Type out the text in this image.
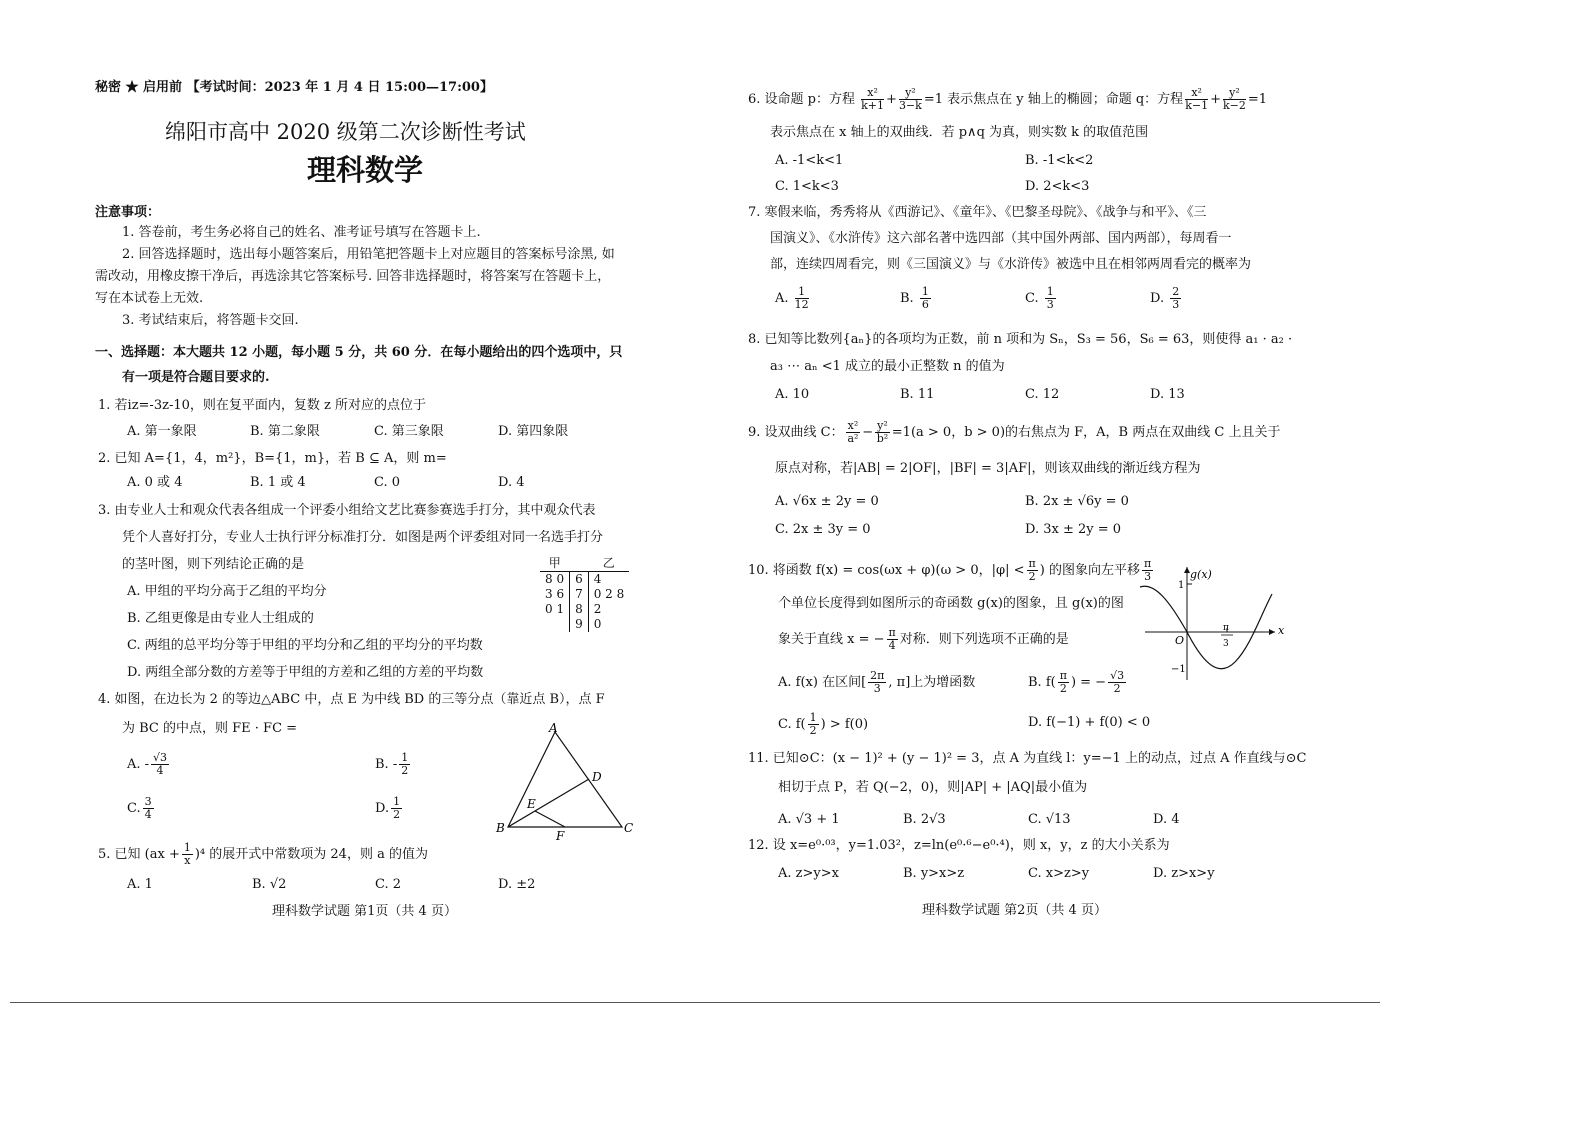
秘密 ★ 启用前 【考试时间：2023 年 1 月 4 日 15:00—17:00】
绵阳市高中 2020 级第二次诊断性考试
理科数学
注意事项：
1. 答卷前，考生务必将自己的姓名、准考证号填写在答题卡上.
2. 回答选择题时，选出每小题答案后，用铅笔把答题卡上对应题目的答案标号涂黑, 如
需改动，用橡皮擦干净后，再选涂其它答案标号. 回答非选择题时，将答案写在答题卡上，
写在本试卷上无效.
3. 考试结束后，将答题卡交回.
一、选择题：本大题共 12 小题，每小题 5 分，共 60 分．在每小题给出的四个选项中，只
有一项是符合题目要求的.
1. 若iz=-3z-10，则在复平面内，复数 z 所对应的点位于
A. 第一象限	B. 第二象限	C. 第三象限	D. 第四象限
2. 已知 A={1，4，m²}，B={1，m}，若 B ⊆ A，则 m=
A. 0 或 4	B. 1 或 4	C. 0	D. 4
3. 由专业人士和观众代表各组成一个评委小组给文艺比赛参赛选手打分，其中观众代表
凭个人喜好打分，专业人士执行评分标准打分．如图是两个评委组对同一名选手打分
的茎叶图，则下列结论正确的是
A. 甲组的平均分高于乙组的平均分
B. 乙组更像是由专业人士组成的
C. 两组的总平均分等于甲组的平均分和乙组的平均分的平均数
D. 两组全部分数的方差等于甲组的方差和乙组的方差的平均数
甲		乙
8 0	6	4
3 6	7	0 2 8
0 1	8	2
	9	0
4. 如图，在边长为 2 的等边△ABC 中，点 E 为中线 BD 的三等分点（靠近点 B），点 F
为 BC 的中点，则 FE · FC =
A. - $\frac{√3}{4}$	B. - $\frac{1}{2}$
C. $\frac{3}{4}$	D. $\frac{1}{2}$
A
B	C
D
E
F
5. 已知 $(ax + \frac{1}{x} )^4$ 的展开式中常数项为 24，则 a 的值为
A. 1	B. √2	C. 2	D. ±2
理科数学试题 第1页（共 4 页）
6. 设命题 p：方程 $\frac{\text{x²}}{k+1} + \frac{\text{y²}}{3-k} =1$ 表示焦点在 y 轴上的椭圆；命题 q：方程 $\frac{\text{x²}}{k-1} + \frac{\text{y²}}{k-2} =1$
表示焦点在 x 轴上的双曲线．若 p∧q 为真，则实数 k 的取值范围
A. -1<k<1	B. -1<k<2
C. 1<k<3	D. 2<k<3
7. 寒假来临，秀秀将从《西游记》、《童年》、《巴黎圣母院》、《战争与和平》、《三
国演义》、《水浒传》这六部名著中选四部（其中国外两部、国内两部），每周看一
部，连续四周看完，则《三国演义》与《水浒传》被选中且在相邻两周看完的概率为
A. $\frac{1}{12}$	B. $\frac{1}{6}$	C. $\frac{1}{3}$	D. $\frac{2}{3}$
8. 已知等比数列{aₙ}的各项均为正数，前 n 项和为 Sₙ，S₃ = 56，S₆ = 63，则使得 a₁ · a₂ ·
a₃ ⋯ aₙ <1 成立的最小正整数 n 的值为
A. 10	B. 11	C. 12	D. 13
9. 设双曲线 C： $\frac{\text{x²}}{\text{a²}} - \frac{\text{y²}}{\text{b²}} =1(a > 0$，b > 0)的右焦点为 F，A，B 两点在双曲线 C 上且关于
原点对称，若|AB| = 2|OF|，|BF| = 3|AF|，则该双曲线的渐近线方程为
A. √6x ± 2y = 0	B. 2x ± √6y = 0
C. 2x ± 3y = 0	D. 3x ± 2y = 0
10. 将函数 f(x) = cos(ωx + φ)(ω > 0，$|\varphi| < \frac{\pi}{2}$ ) 的图象向左平移 $\frac{\pi}{3}$
个单位长度得到如图所示的奇函数 g(x)的图象，且 g(x)的图
象关于直线 x = − $\frac{\pi}{4}$ 对称．则下列选项不正确的是
A. f(x) 在区间[ $\frac{2\pi}{3}$ , π]上为增函数	B. $f( \frac{\pi}{2}$ ) = − $\frac{√3}{2}$
C. $f( \frac{1}{2}$ ) > f(0)	D. f(−1) + f(0) < 0
g(x)
x
O
1
−1
π
3
11. 已知⊙C：(x − 1)² + (y − 1)² = 3，点 A 为直线 l：y=−1 上的动点，过点 A 作直线与⊙C
相切于点 P，若 Q(−2，0)，则|AP| + |AQ|最小值为
A. √3 + 1	B. 2√3	C. √13	D. 4
12. 设 x=e⁰·⁰³，y=1.03²，z=ln(e⁰·⁶−e⁰·⁴)，则 x，y，z 的大小关系为
A. z>y>x	B. y>x>z	C. x>z>y	D. z>x>y
理科数学试题 第2页（共 4 页）
